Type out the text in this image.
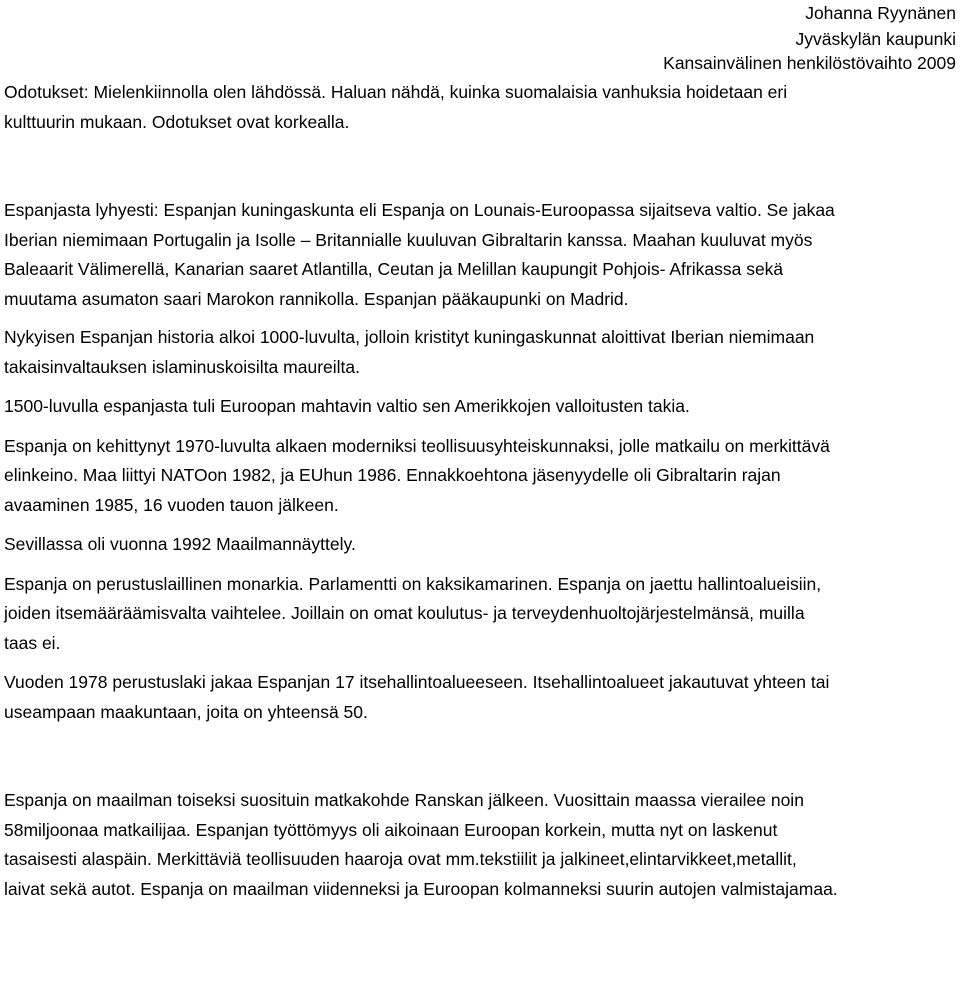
Johanna Ryynänen
Jyväskylän kaupunki
Kansainvälinen henkilöstövaihto 2009

Odotukset: Mielenkiinnolla olen lähdössä. Haluan nähdä, kuinka suomalaisia vanhuksia hoidetaan eri
kulttuurin mukaan. Odotukset ovat korkealla.

Espanjasta lyhyesti: Espanjan kuningaskunta eli Espanja on Lounais-Euroopassa sijaitseva valtio. Se jakaa
Iberian niemimaan Portugalin ja Isolle – Britannialle kuuluvan Gibraltarin kanssa. Maahan kuuluvat myös
Baleaarit Välimerellä, Kanarian saaret Atlantilla, Ceutan ja Melillan kaupungit Pohjois- Afrikassa sekä
muutama asumaton saari Marokon rannikolla. Espanjan pääkaupunki on Madrid.

Nykyisen Espanjan historia alkoi 1000-luvulta, jolloin kristityt kuningaskunnat aloittivat Iberian niemimaan
takaisinvaltauksen islaminuskoisilta maureilta.

1500-luvulla espanjasta tuli Euroopan mahtavin valtio sen Amerikkojen valloitusten takia.

Espanja on kehittynyt 1970-luvulta alkaen moderniksi teollisuusyhteiskunnaksi, jolle matkailu on merkittävä
elinkeino. Maa liittyi NATOon 1982, ja EUhun 1986. Ennakkoehtona jäsenyydelle oli Gibraltarin rajan
avaaminen 1985, 16 vuoden tauon jälkeen.

Sevillassa oli vuonna 1992 Maailmannäyttely.

Espanja on perustuslaillinen monarkia. Parlamentti on kaksikamarinen. Espanja on jaettu hallintoalueisiin,
joiden itsemääräämisvalta vaihtelee. Joillain on omat koulutus- ja terveydenhuoltojärjestelmänsä, muilla
taas ei.

Vuoden 1978 perustuslaki jakaa Espanjan 17 itsehallintoalueeseen. Itsehallintoalueet jakautuvat yhteen tai
useampaan maakuntaan, joita on yhteensä 50.

Espanja on maailman toiseksi suosituin matkakohde Ranskan jälkeen. Vuosittain maassa vierailee noin
58miljoonaa matkailijaa. Espanjan työttömyys oli aikoinaan Euroopan korkein, mutta nyt on laskenut
tasaisesti alaspäin. Merkittäviä teollisuuden haaroja ovat mm.tekstiilit ja jalkineet,elintarvikkeet,metallit,
laivat sekä autot. Espanja on maailman viidenneksi ja Euroopan kolmanneksi suurin autojen valmistajamaa.
